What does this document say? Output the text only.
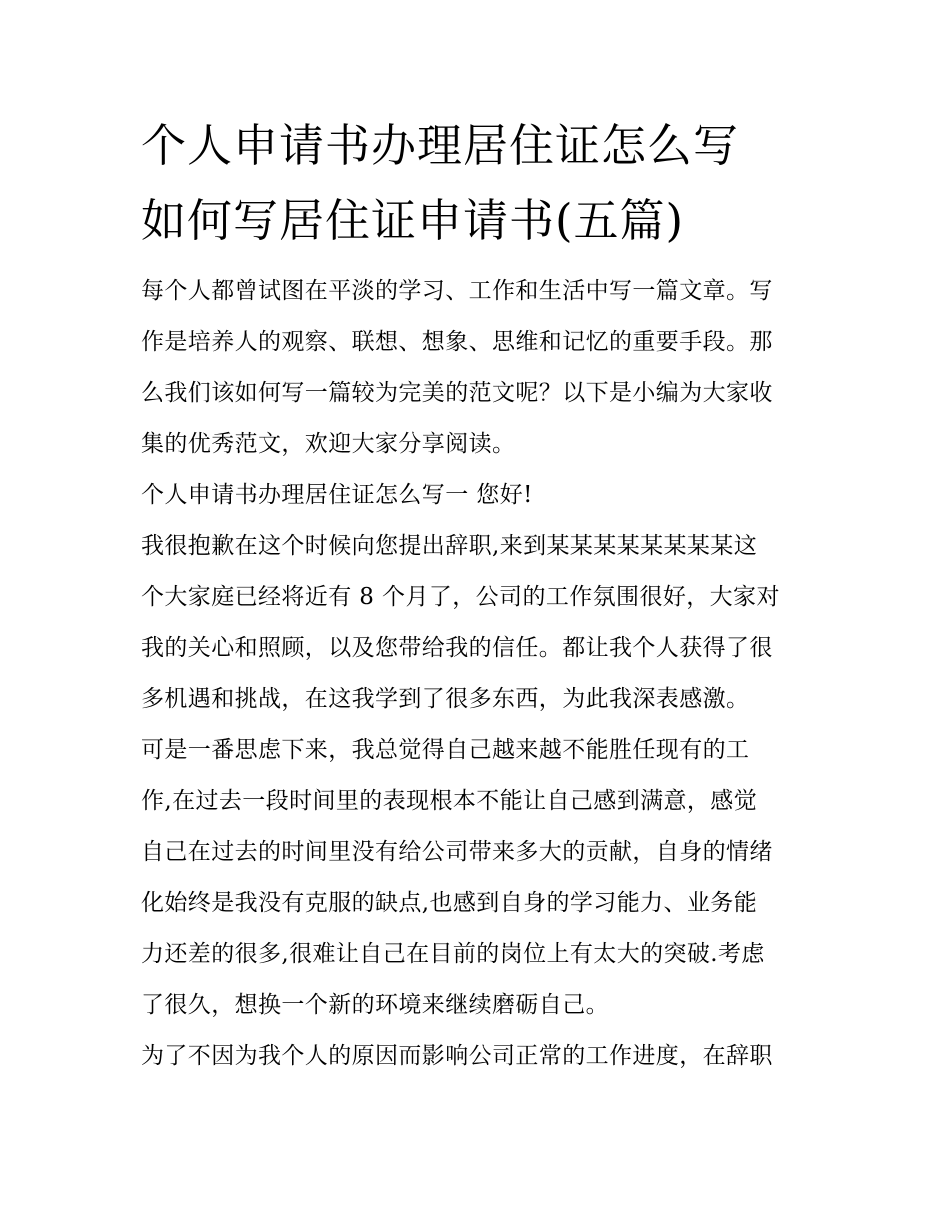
个人申请书办理居住证怎么写
如何写居住证申请书(五篇)

每个人都曾试图在平淡的学习、工作和生活中写一篇文章。写
作是培养人的观察、联想、想象、思维和记忆的重要手段。那
么我们该如何写一篇较为完美的范文呢？以下是小编为大家收
集的优秀范文，欢迎大家分享阅读。

个人申请书办理居住证怎么写一 您好!

我很抱歉在这个时候向您提出辞职,来到某某某某某某某某这
个大家庭已经将近有 8 个月了，公司的工作氛围很好，大家对
我的关心和照顾，以及您带给我的信任。都让我个人获得了很
多机遇和挑战，在这我学到了很多东西，为此我深表感激。

可是一番思虑下来，我总觉得自己越来越不能胜任现有的工
作,在过去一段时间里的表现根本不能让自己感到满意，感觉
自己在过去的时间里没有给公司带来多大的贡献，自身的情绪
化始终是我没有克服的缺点,也感到自身的学习能力、业务能
力还差的很多,很难让自己在目前的岗位上有太大的突破.考虑
了很久，想换一个新的环境来继续磨砺自己。

为了不因为我个人的原因而影响公司正常的工作进度，在辞职
